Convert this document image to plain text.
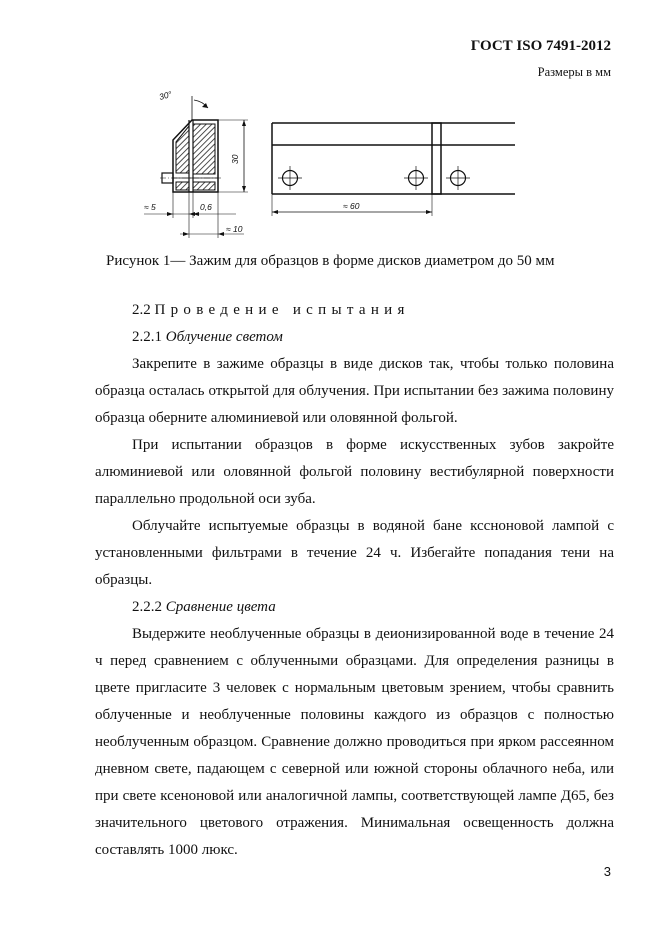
ГОСТ ISO 7491-2012
Размеры в мм
30°
30
≈ 5	0,6
≈ 10
≈ 60
Рисунок 1— Зажим для образцов в форме дисков диаметром до 50 мм

2.2 Проведение испытания

2.2.1 Облучение светом

Закрепите в зажиме образцы в виде дисков так, чтобы только половина образца осталась открытой для облучения. При испытании без зажима половину образца оберните алюминиевой или оловянной фольгой.

При испытании образцов в форме искусственных зубов закройте алюминиевой или оловянной фольгой половину вестибулярной поверхности параллельно продольной оси зуба.

Облучайте испытуемые образцы в водяной бане кссноновой лампой с установленными фильтрами в течение 24 ч. Избегайте попадания тени на образцы.

2.2.2 Сравнение цвета

Выдержите необлученные образцы в деионизированной воде в течение 24 ч перед сравнением с облученными образцами. Для определения разницы в цвете пригласите 3 человек с нормальным цветовым зрением, чтобы сравнить облученные и необлученные половины каждого из образцов с полностью необлученным образцом. Сравнение должно проводиться при ярком рассеянном дневном свете, падающем с северной или южной стороны облачного неба, или при свете ксеноновой или аналогичной лампы, соответствующей лампе Д65, без значительного цветового отражения. Минимальная освещенность должна составлять 1000 люкс.

3
